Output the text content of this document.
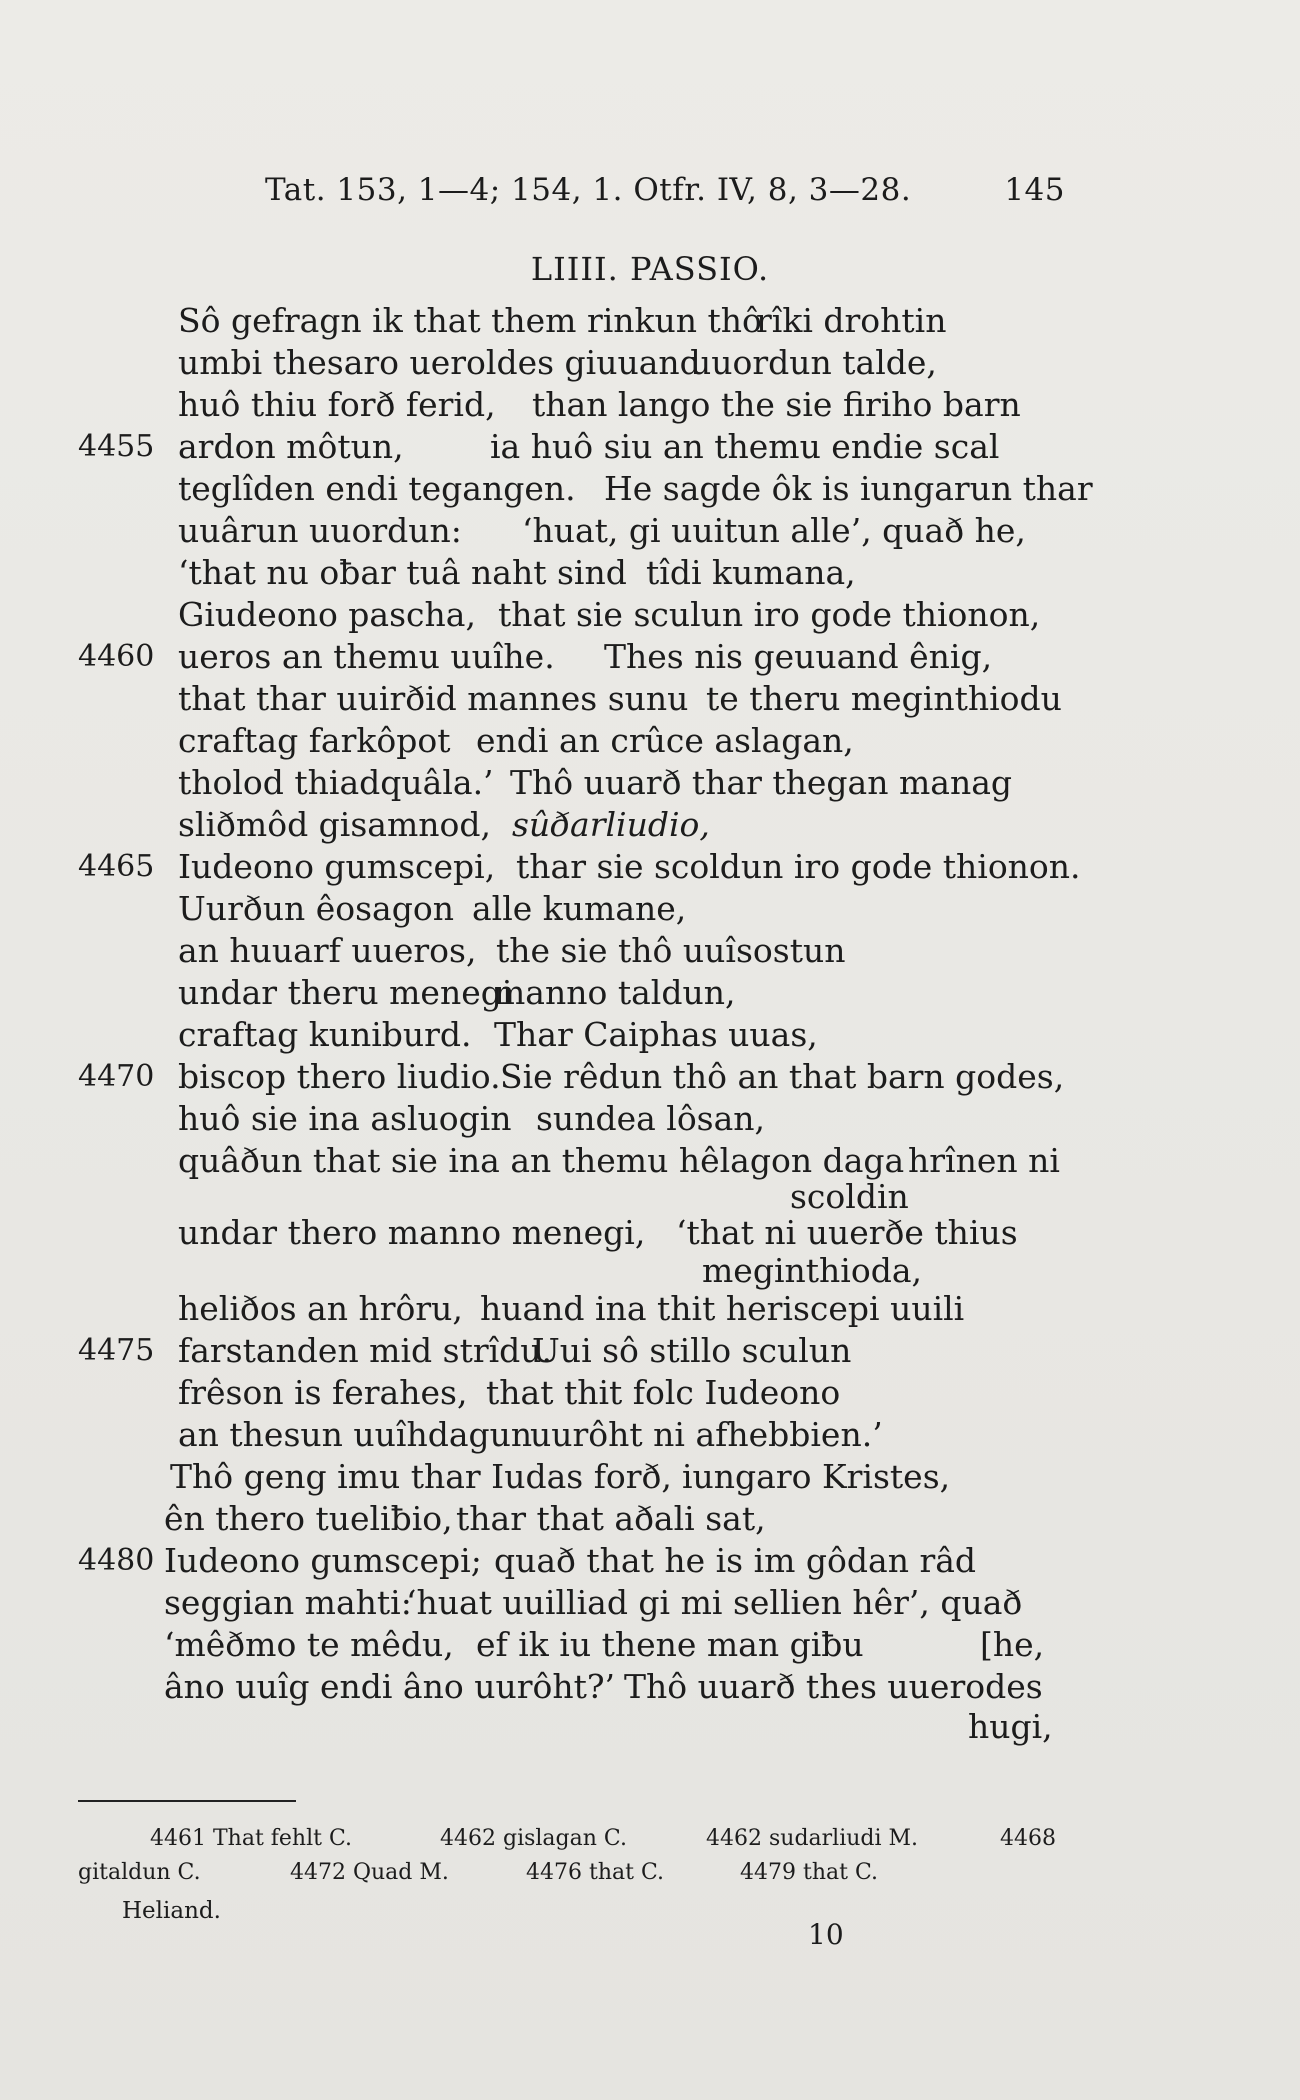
Tat. 153, 1—4; 154, 1. Otfr. IV, 8, 3—28.	145
LIIII. PASSIO.
Sô gefragn ik that them rinkun thô
rîki drohtin
umbi thesaro ueroldes giuuand
uuordun talde,
huô thiu forð ferid, than lango the sie firiho barn
4455 ardon môtun,	ia huô siu an themu endie scal
teglîden endi tegangen. He sagde ôk is iungarun thar
uuârun uuordun: ‘huat, gi uuitun alle’, quað he,
‘that nu oƀar tuâ naht sind tîdi kumana,
Giudeono pascha, that sie sculun iro gode thionon,
4460 ueros an themu uuîhe. Thes nis geuuand ênig,
that thar uuirðid mannes sunu te theru meginthiodu
craftag farkôpot endi an crûce aslagan,
tholod thiadquâla.’ Thô uuarð thar thegan manag
sliðmôd gisamnod, sûðarliudio,
4465 Iudeono gumscepi, thar sie scoldun iro gode thionon.
Uurðun êosagon alle kumane,
an huuarf uueros, the sie thô uuîsostun
undar theru menegi
manno taldun,
craftag kuniburd. Thar Caiphas uuas,
4470 biscop thero liudio. Sie rêdun thô an that barn godes,
huô sie ina asluogin sundea lôsan,
quâðun that sie ina an themu hêlagon daga hrînen ni
scoldin
undar thero manno menegi, ‘that ni uuerðe thius
meginthioda,
heliðos an hrôru, huand ina thit heriscepi uuili
4475 farstanden mid strîdu.
Uui sô stillo sculun
frêson is ferahes, that thit folc Iudeono
an thesun uuîhdagun
uurôht ni afhebbien.’
Thô geng imu thar Iudas forð, iungaro Kristes,
ên thero tueliƀio, thar that aðali sat,
4480 Iudeono gumscepi; quað that he is im gôdan râd
seggian mahti:
‘huat uuilliad gi mi sellien hêr’, quað
‘mêðmo te mêdu, ef ik iu thene man giƀu	[he,
âno uuîg endi âno uurôht?’ Thô uuarð thes uuerodes
hugi,
4461 That fehlt C.	4462 gislagan C.	4462 sudarliudi M.	4468
gitaldun C.	4472 Quad M.	4476 that C.	4479 that C.
Heliand.
10
